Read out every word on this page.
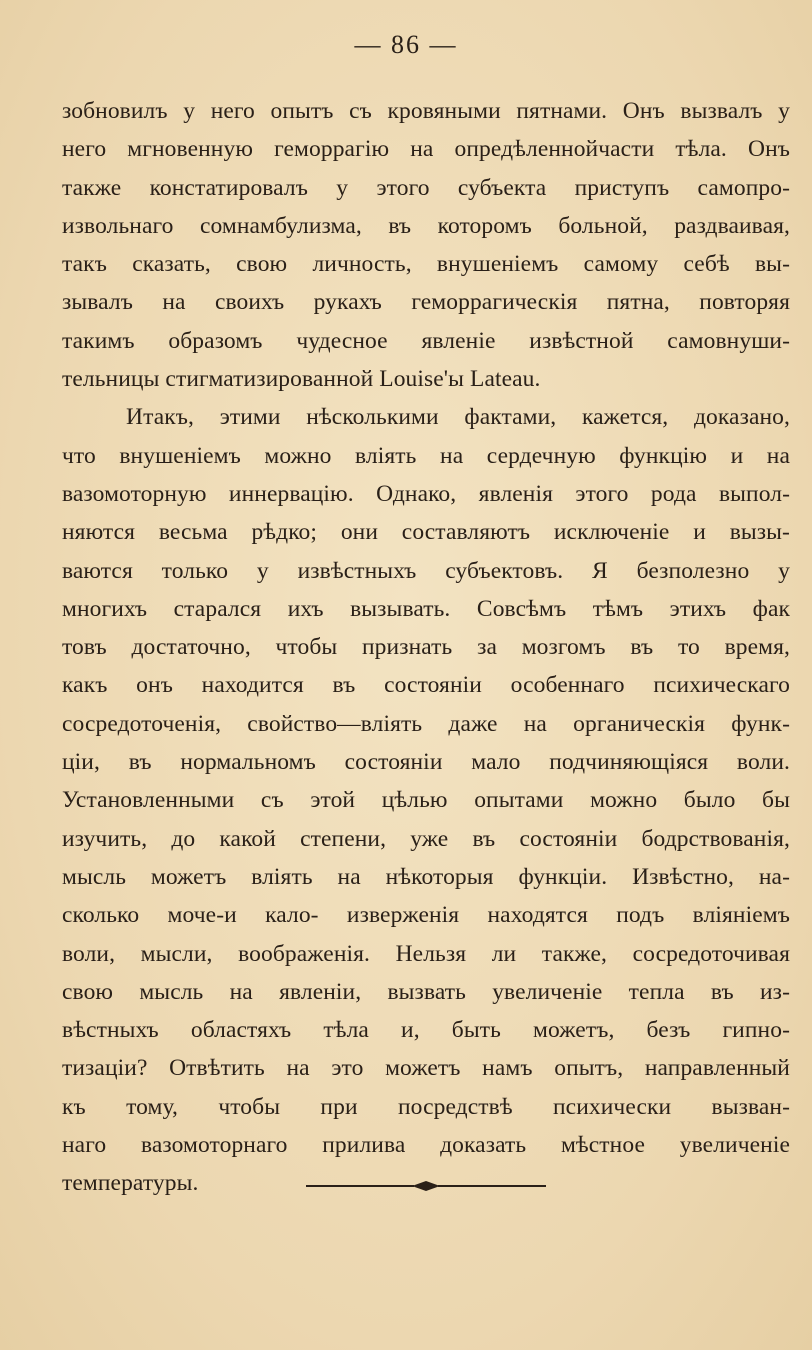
— 86 —
зобновилъ у него опытъ съ кровяными пятнами. Онъ вызвалъ у
него мгновенную геморрагію на опредѣленнойчасти тѣла. Онъ
также констатировалъ у этого субъекта приступъ самопро-
извольнаго сомнамбулизма, въ которомъ больной, раздваивая,
такъ сказать, свою личность, внушеніемъ самому себѣ вы-
зывалъ на своихъ рукахъ геморрагическія пятна, повторяя
такимъ образомъ чудесное явленіе извѣстной самовнуши-
тельницы стигматизированной Louise'ы Lateau.
Итакъ, этими нѣсколькими фактами, кажется, доказано,
что внушеніемъ можно вліять на сердечную функцію и на
вазомоторную иннервацію. Однако, явленія этого рода выпол-
няются весьма рѣдко; они составляютъ исключеніе и вызы-
ваются только у извѣстныхъ субъектовъ. Я безполезно у
многихъ старался ихъ вызывать. Совсѣмъ тѣмъ этихъ фак
товъ достаточно, чтобы признать за мозгомъ въ то время,
какъ онъ находится въ состояніи особеннаго психическаго
сосредоточенія, свойство—вліять даже на органическія функ-
ціи, въ нормальномъ состояніи мало подчиняющіяся воли.
Установленными съ этой цѣлью опытами можно было бы
изучить, до какой степени, уже въ состояніи бодрствованія,
мысль можетъ вліять на нѣкоторыя функціи. Извѣстно, на-
сколько моче-и кало- изверженія находятся подъ вліяніемъ
воли, мысли, воображенія. Нельзя ли также, сосредоточивая
свою мысль на явленіи, вызвать увеличеніе тепла въ из-
вѣстныхъ областяхъ тѣла и, быть можетъ, безъ гипно-
тизаціи? Отвѣтить на это можетъ намъ опытъ, направленный
къ тому, чтобы при посредствѣ психически вызван-
наго вазомоторнаго прилива доказать мѣстное увеличеніе
температуры.
